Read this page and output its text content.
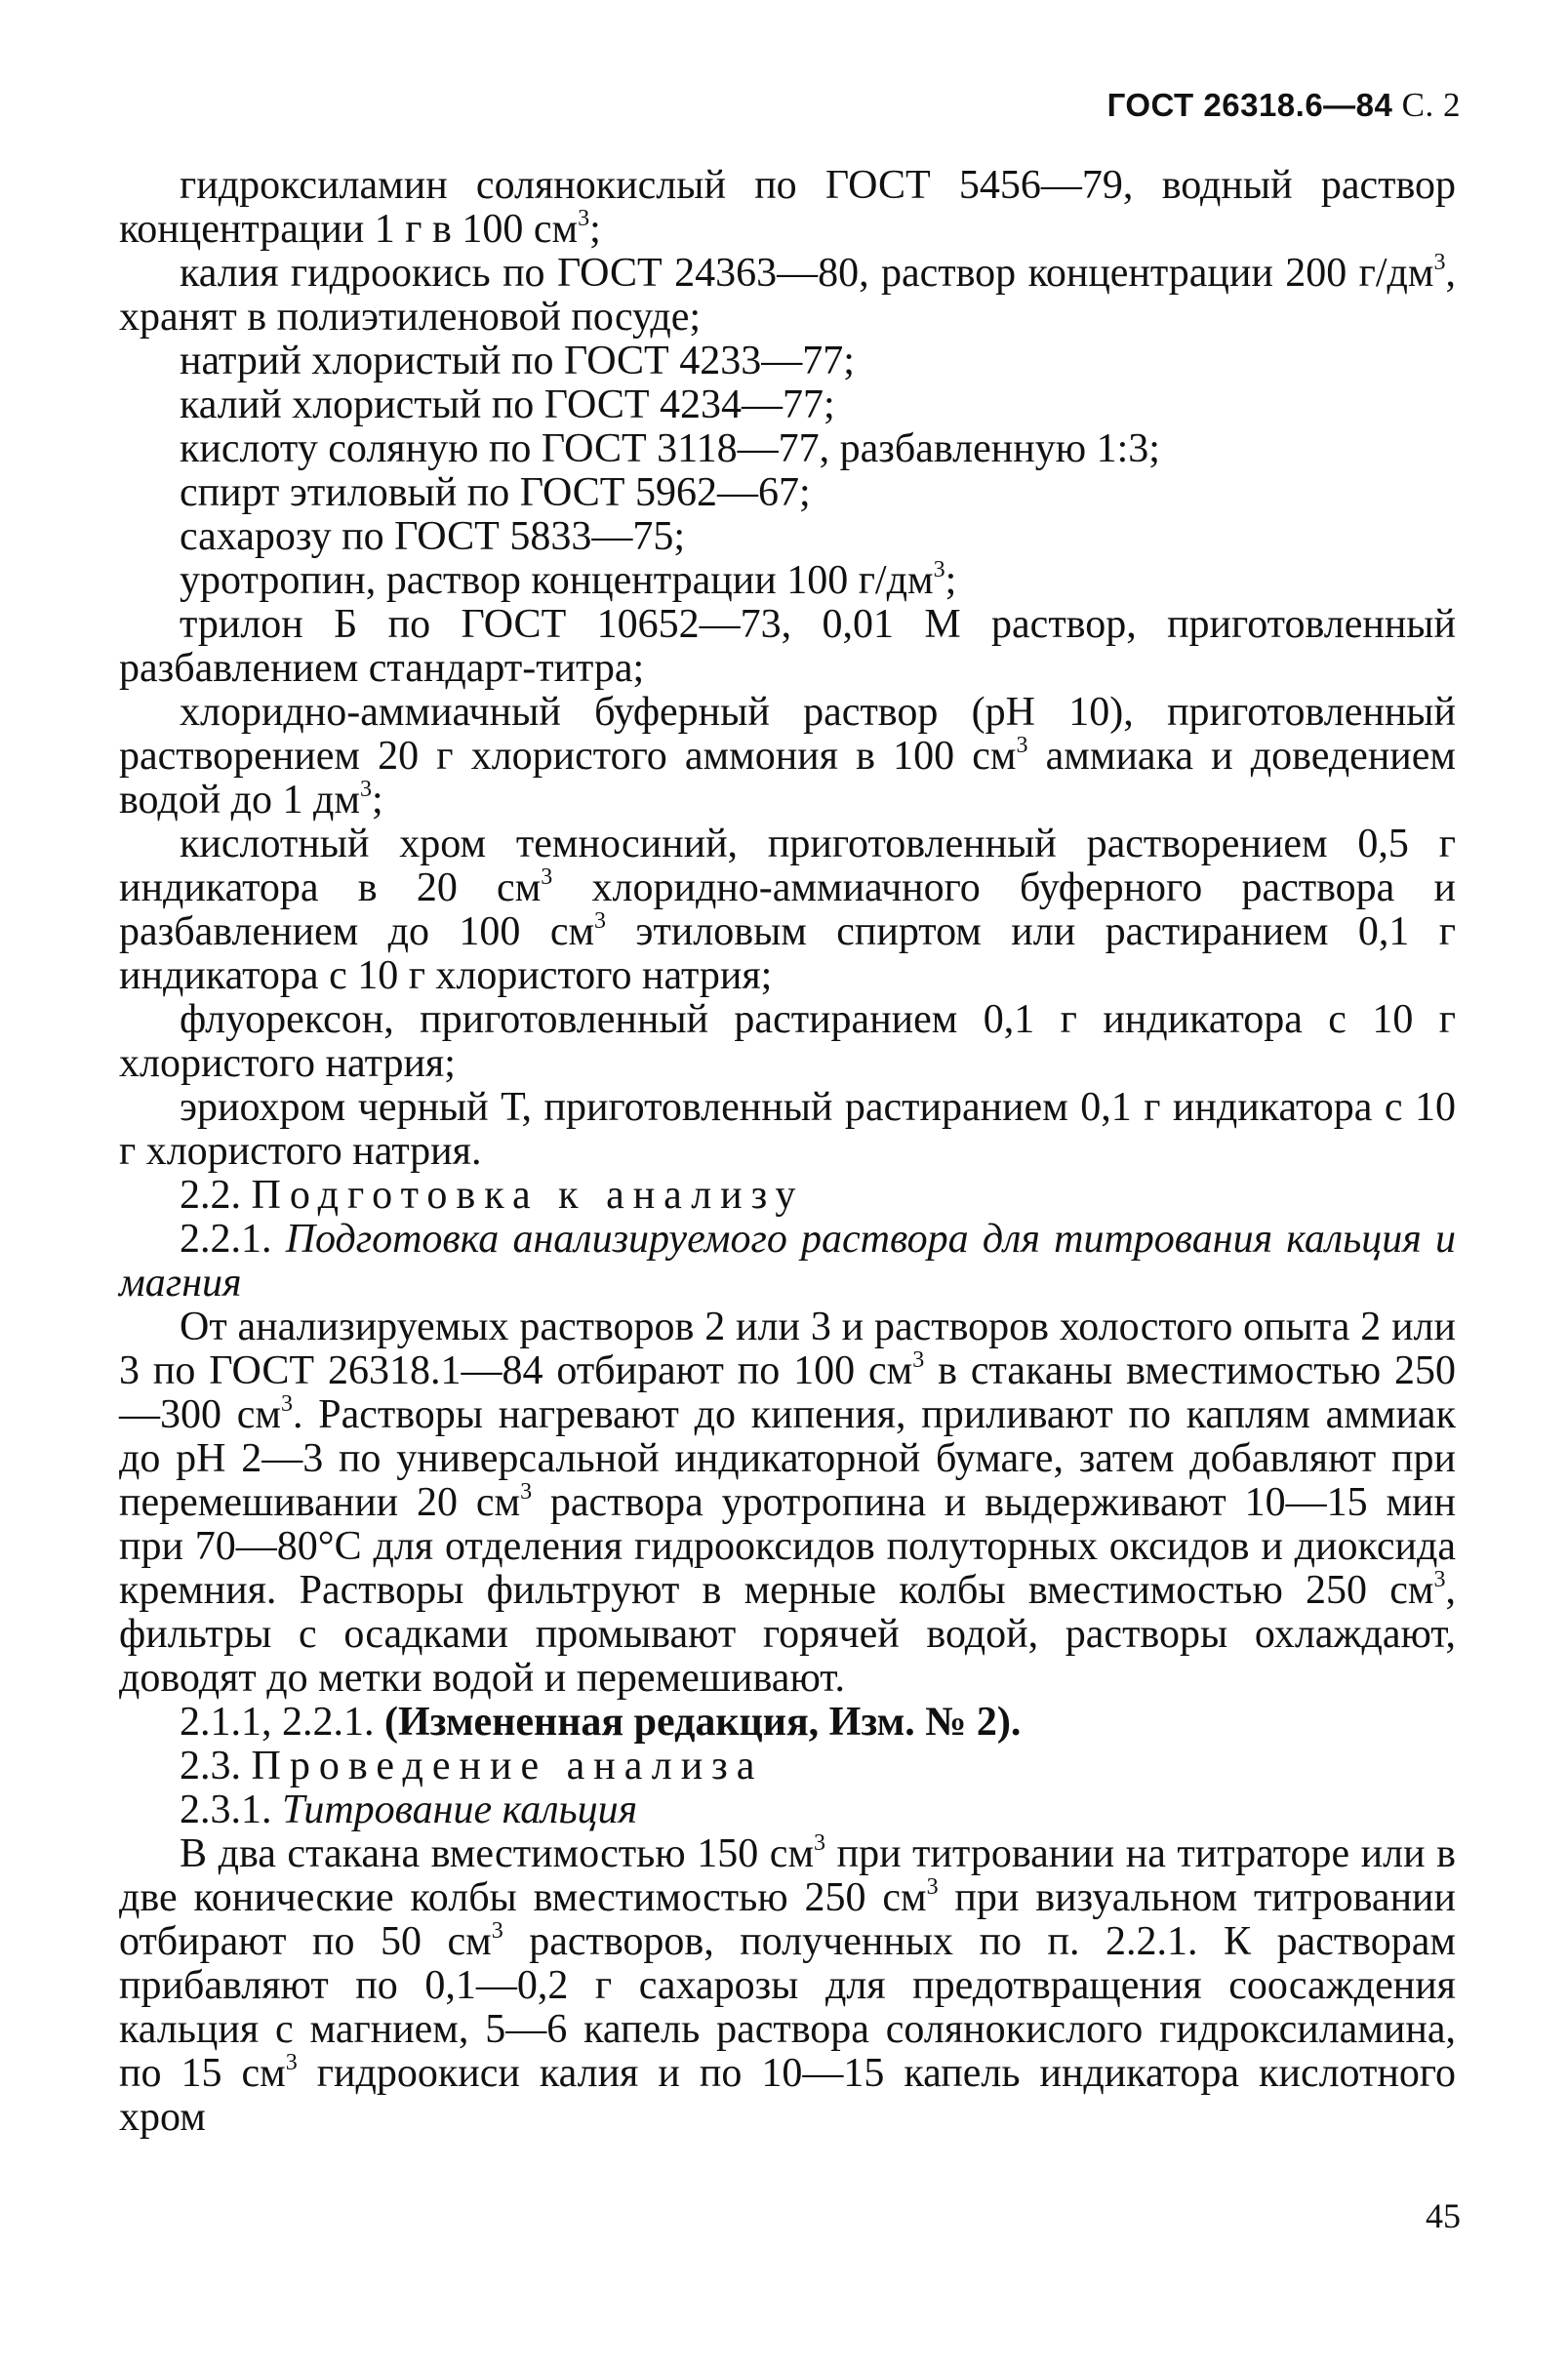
ГОСТ 26318.6—84 С. 2

гидроксиламин солянокислый по ГОСТ 5456—79, водный раствор концентрации 1 г в 100 $см^3$;

калия гидроокись по ГОСТ 24363—80, раствор концентрации 200 $г/дм^3$, хранят в полиэтиленовой посуде;

натрий хлористый по ГОСТ 4233—77;

калий хлористый по ГОСТ 4234—77;

кислоту соляную по ГОСТ 3118—77, разбавленную 1:3;

спирт этиловый по ГОСТ 5962—67;

сахарозу по ГОСТ 5833—75;

уротропин, раствор концентрации 100 $г/дм^3$;

трилон Б по ГОСТ 10652—73, 0,01 М раствор, приготовленный разбавлением стандарт-титра;

хлоридно-аммиачный буферный раствор (рН 10), приготовленный растворением 20 г хлористого аммония в 100 $см^3$ аммиака и доведением водой до 1 $дм^3$;

кислотный хром темносиний, приготовленный растворением 0,5 г индикатора в 20 $см^3$ хлоридно-аммиачного буферного раствора и разбавлением до 100 $см^3$ этиловым спиртом или растиранием 0,1 г индикатора с 10 г хлористого натрия;

флуорексон, приготовленный растиранием 0,1 г индикатора с 10 г хлористого натрия;

эриохром черный Т, приготовленный растиранием 0,1 г индикатора с 10 г хлористого натрия.

2.2. Подготовка к анализу

2.2.1. Подготовка анализируемого раствора для титрования кальция и магния

От анализируемых растворов 2 или 3 и растворов холостого опыта 2 или 3 по ГОСТ 26318.1—84 отбирают по 100 $см^3$ в стаканы вместимостью 250—300 $см^3$. Растворы нагревают до кипения, приливают по каплям аммиак до рН 2—3 по универсальной индикаторной бумаге, затем добавляют при перемешивании 20 $см^3$ раствора уротропина и выдерживают 10—15 мин при 70—80°С для отделения гидрооксидов полуторных оксидов и диоксида кремния. Растворы фильтруют в мерные колбы вместимостью 250 $см^3$, фильтры с осадками промывают горячей водой, растворы охлаждают, доводят до метки водой и перемешивают.

2.1.1, 2.2.1. (Измененная редакция, Изм. № 2).

2.3. Проведение анализа

2.3.1. Титрование кальция

В два стакана вместимостью 150 $см^3$ при титровании на титраторе или в две конические колбы вместимостью 250 $см^3$ при визуальном титровании отбирают по 50 $см^3$ растворов, полученных по п. 2.2.1. К растворам прибавляют по 0,1—0,2 г сахарозы для предотвращения соосаждения кальция с магнием, 5—6 капель раствора солянокислого гидроксиламина, по 15 $см^3$ гидроокиси калия и по 10—15 капель индикатора кислотного хром

45
